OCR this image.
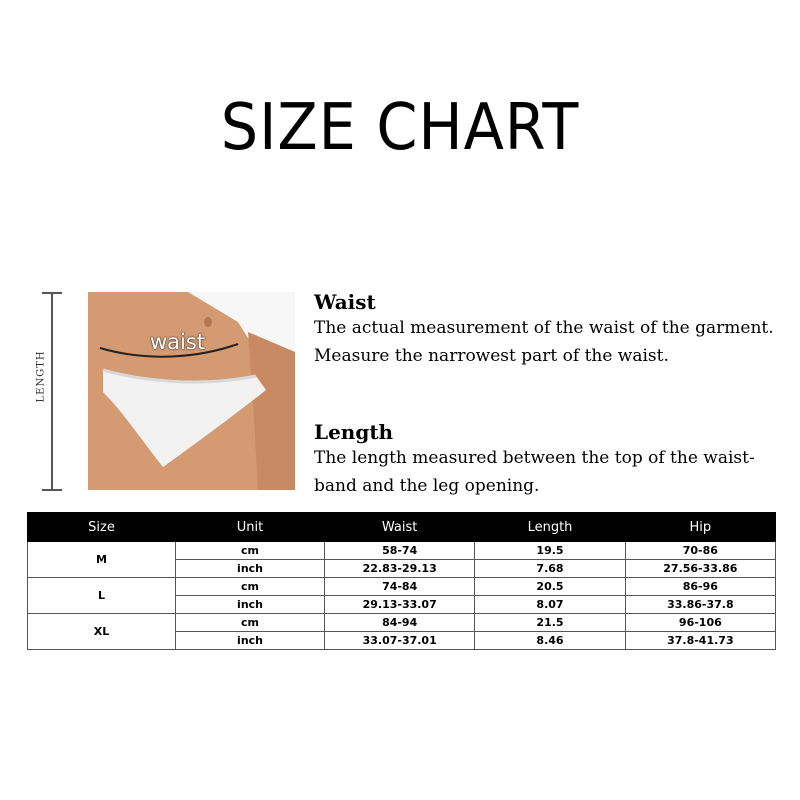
SIZE CHART
LENGTH
waist
Waist

The actual measurement of the waist of the garment.

Measure the narrowest part of the waist.

Length

The length measured between the top of the waist-

band and the leg opening.

Size	Unit	Waist	Length	Hip
M	cm	58-74	19.5	70-86
	inch	22.83-29.13	7.68	27.56-33.86
L	cm	74-84	20.5	86-96
	inch	29.13-33.07	8.07	33.86-37.8
XL	cm	84-94	21.5	96-106
	inch	33.07-37.01	8.46	37.8-41.73
